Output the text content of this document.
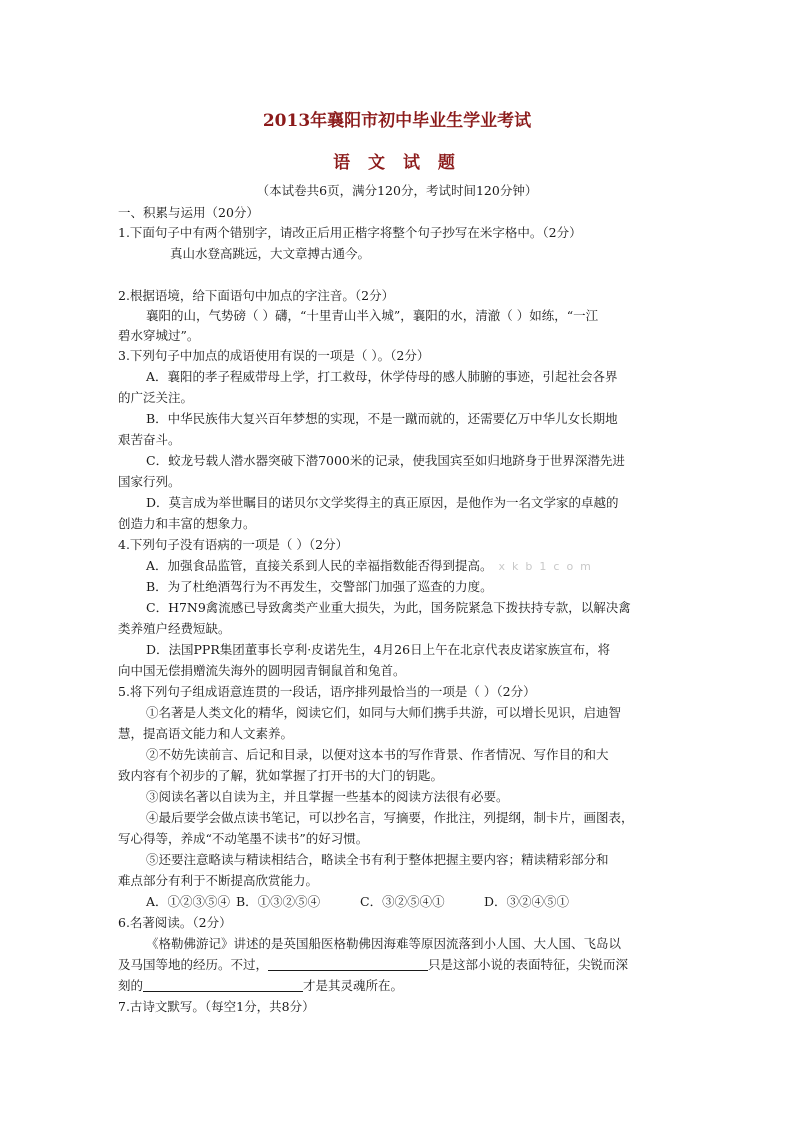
2013年襄阳市初中毕业生学业考试
语 文 试 题
（本试卷共6页，满分120分，考试时间120分钟）
一、积累与运用（20分）
1.下面句子中有两个错别字，请改正后用正楷字将整个句子抄写在米字格中。（2分）
真山水登高跳远，大文章搏古通今。
2.根据语境，给下面语句中加点的字注音。（2分）
襄阳的山，气势磅（ ）礴，“十里青山半入城”，襄阳的水，清澈（ ）如练，“一江
碧水穿城过”。
3.下列句子中加点的成语使用有误的一项是（ ）。（2分）
A．襄阳的孝子程威带母上学，打工救母，休学侍母的感人肺腑的事迹，引起社会各界
的广泛关注。
B．中华民族伟大复兴百年梦想的实现，不是一蹴而就的，还需要亿万中华儿女长期地
艰苦奋斗。
C．蛟龙号载人潜水器突破下潜7000米的记录，使我国宾至如归地跻身于世界深潜先进
国家行列。
D．莫言成为举世瞩目的诺贝尔文学奖得主的真正原因，是他作为一名文学家的卓越的
创造力和丰富的想象力。
4.下列句子没有语病的一项是（ ）（2分）
A．加强食品监管，直接关系到人民的幸福指数能否得到提高。 xkb1com
B．为了杜绝酒驾行为不再发生，交警部门加强了巡查的力度。
C．H7N9禽流感已导致禽类产业重大损失，为此，国务院紧急下拨扶持专款，以解决禽
类养殖户经费短缺。
D．法国PPR集团董事长亨利·皮诺先生，4月26日上午在北京代表皮诺家族宣布，将
向中国无偿捐赠流失海外的圆明园青铜鼠首和兔首。
5.将下列句子组成语意连贯的一段话，语序排列最恰当的一项是（ ）（2分）
①名著是人类文化的精华，阅读它们，如同与大师们携手共游，可以增长见识，启迪智
慧，提高语文能力和人文素养。
②不妨先读前言、后记和目录，以便对这本书的写作背景、作者情况、写作目的和大
致内容有个初步的了解，犹如掌握了打开书的大门的钥匙。
③阅读名著以自读为主，并且掌握一些基本的阅读方法很有必要。
④最后要学会做点读书笔记，可以抄名言，写摘要，作批注，列提纲，制卡片，画图表，
写心得等，养成“不动笔墨不读书”的好习惯。
⑤还要注意略读与精读相结合，略读全书有利于整体把握主要内容；精读精彩部分和
难点部分有利于不断提高欣赏能力。
A．①②③⑤④ B．①③②⑤④	C．③②⑤④①	D．③②④⑤①
6.名著阅读。（2分）
《格勒佛游记》讲述的是英国船医格勒佛因海难等原因流落到小人国、大人国、飞岛以
及马国等地的经历。不过，	只是这部小说的表面特征，尖锐而深
刻的	才是其灵魂所在。
7.古诗文默写。（每空1分，共8分）
